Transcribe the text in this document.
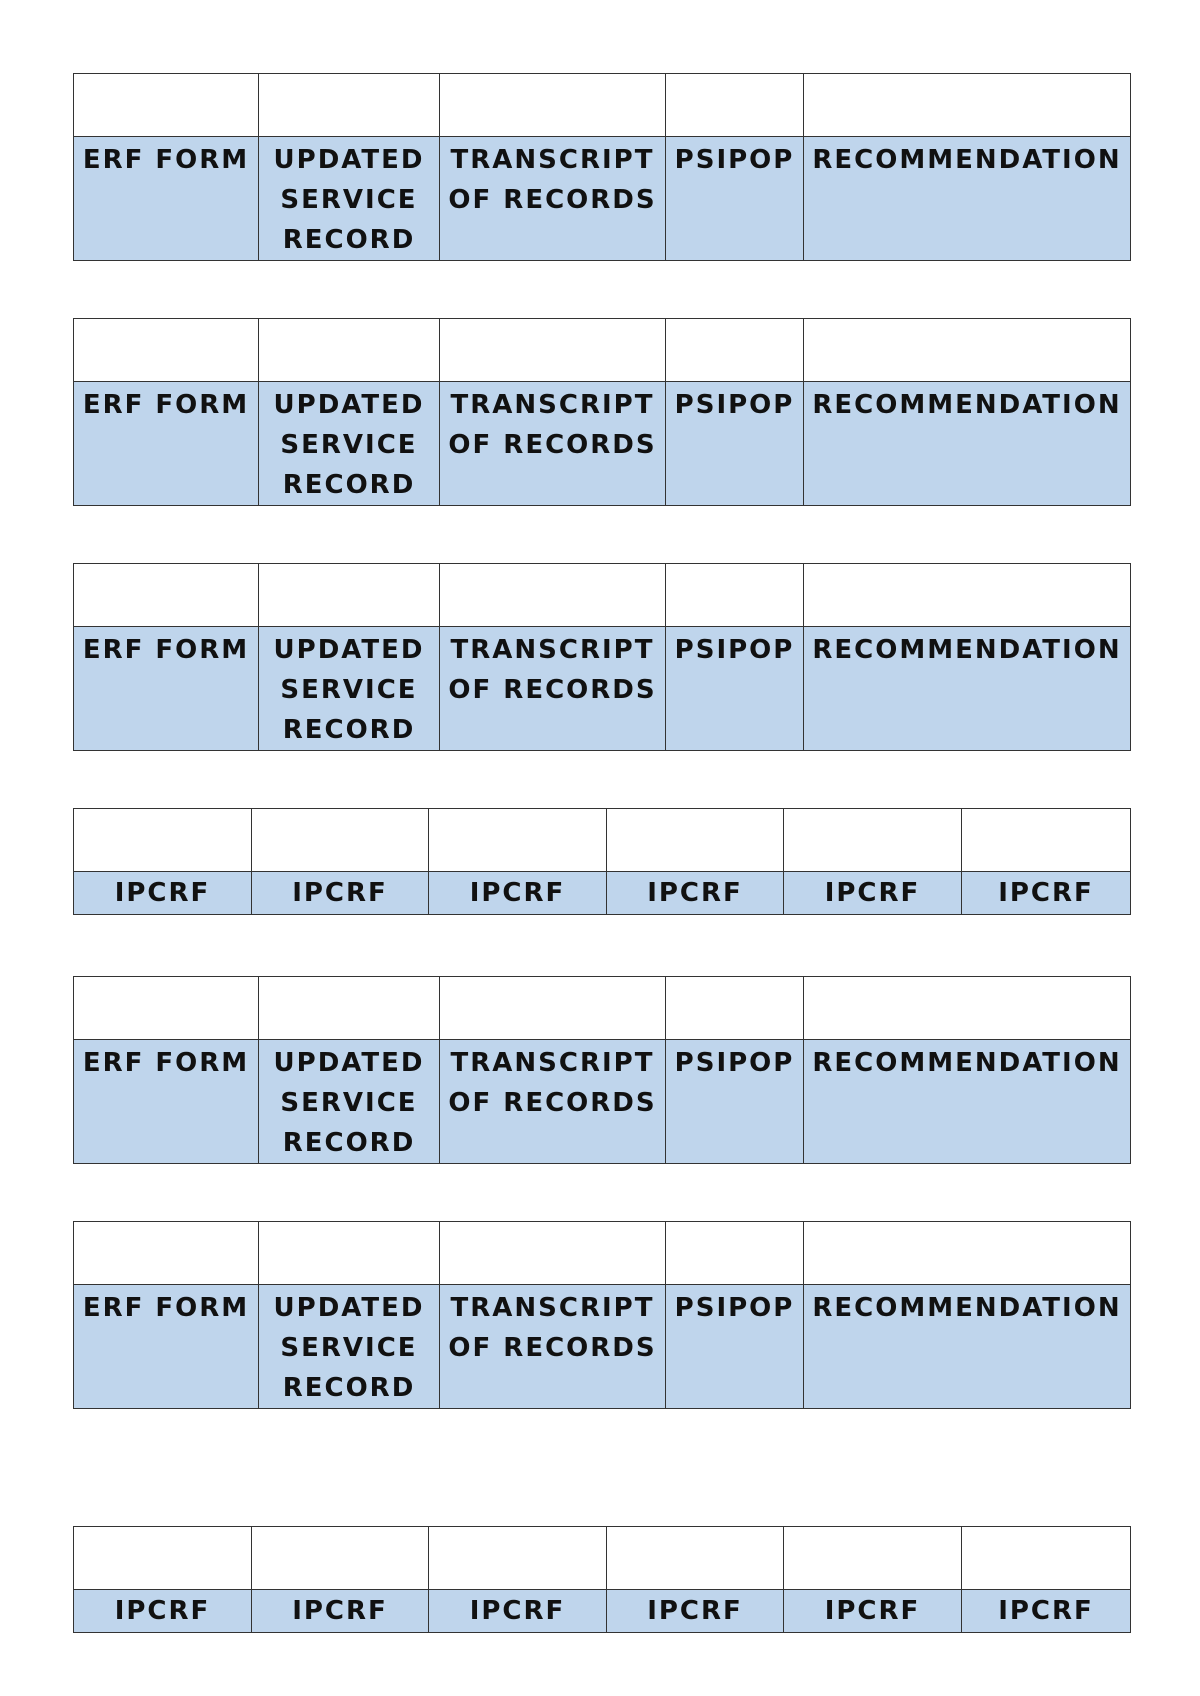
ERF FORM	UPDATED SERVICE RECORD	TRANSCRIPT OF RECORDS	PSIPOP	RECOMMENDATION

ERF FORM	UPDATED SERVICE RECORD	TRANSCRIPT OF RECORDS	PSIPOP	RECOMMENDATION

ERF FORM	UPDATED SERVICE RECORD	TRANSCRIPT OF RECORDS	PSIPOP	RECOMMENDATION

IPCRF	IPCRF	IPCRF	IPCRF	IPCRF	IPCRF

ERF FORM	UPDATED SERVICE RECORD	TRANSCRIPT OF RECORDS	PSIPOP	RECOMMENDATION

ERF FORM	UPDATED SERVICE RECORD	TRANSCRIPT OF RECORDS	PSIPOP	RECOMMENDATION

IPCRF	IPCRF	IPCRF	IPCRF	IPCRF	IPCRF
